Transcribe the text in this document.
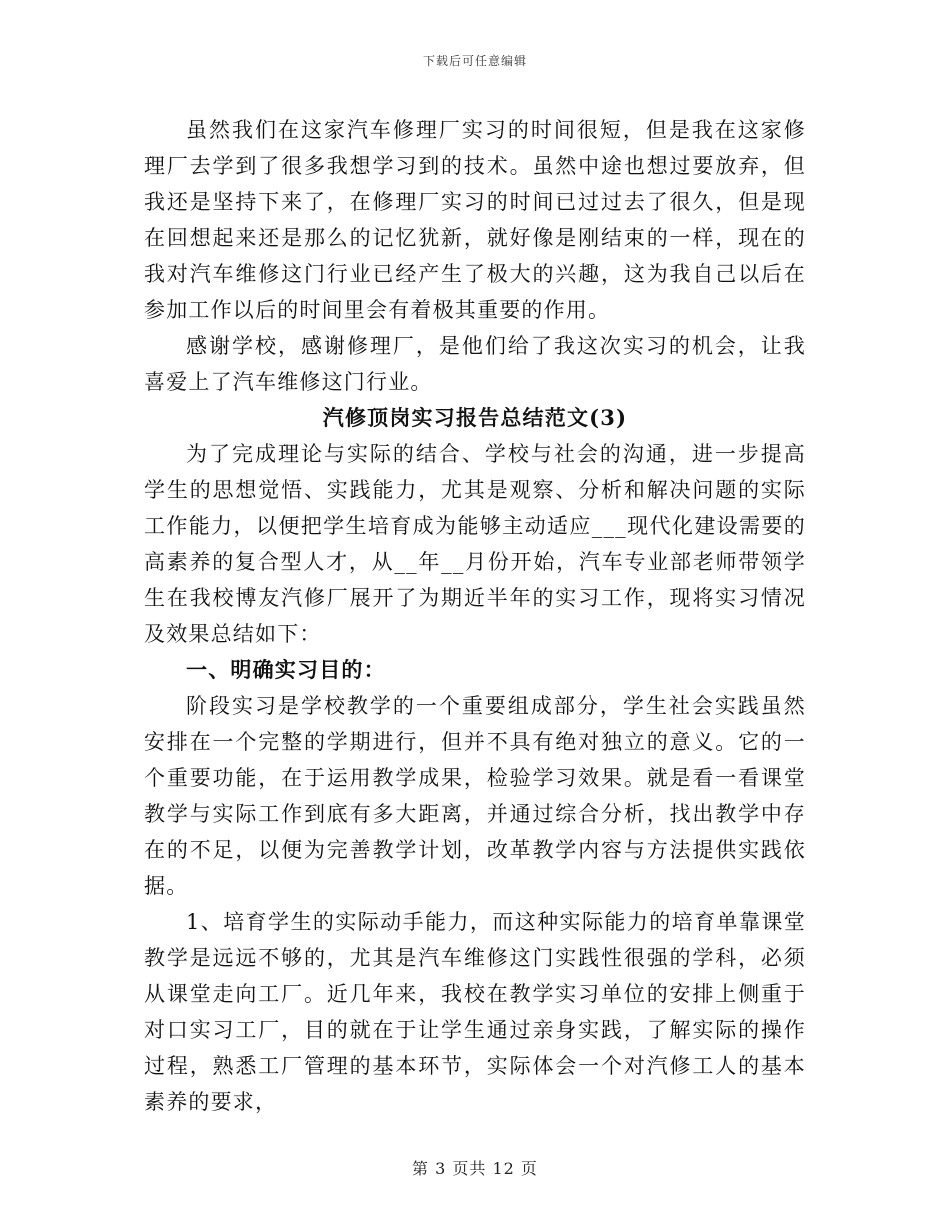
下载后可任意编辑

虽然我们在这家汽车修理厂实习的时间很短，但是我在这家修理厂去学到了很多我想学习到的技术。虽然中途也想过要放弃，但我还是坚持下来了，在修理厂实习的时间已过过去了很久，但是现在回想起来还是那么的记忆犹新，就好像是刚结束的一样，现在的我对汽车维修这门行业已经产生了极大的兴趣，这为我自己以后在参加工作以后的时间里会有着极其重要的作用。

感谢学校，感谢修理厂，是他们给了我这次实习的机会，让我喜爱上了汽车维修这门行业。

汽修顶岗实习报告总结范文(3)

为了完成理论与实际的结合、学校与社会的沟通，进一步提高学生的思想觉悟、实践能力，尤其是观察、分析和解决问题的实际工作能力，以便把学生培育成为能够主动适应___现代化建设需要的高素养的复合型人才，从__年__月份开始，汽车专业部老师带领学生在我校博友汽修厂展开了为期近半年的实习工作，现将实习情况及效果总结如下：

一、明确实习目的：

阶段实习是学校教学的一个重要组成部分，学生社会实践虽然安排在一个完整的学期进行，但并不具有绝对独立的意义。它的一个重要功能，在于运用教学成果，检验学习效果。就是看一看课堂教学与实际工作到底有多大距离，并通过综合分析，找出教学中存在的不足，以便为完善教学计划，改革教学内容与方法提供实践依据。

1、培育学生的实际动手能力，而这种实际能力的培育单靠课堂教学是远远不够的，尤其是汽车维修这门实践性很强的学科，必须从课堂走向工厂。近几年来，我校在教学实习单位的安排上侧重于对口实习工厂，目的就在于让学生通过亲身实践，了解实际的操作过程，熟悉工厂管理的基本环节，实际体会一个对汽修工人的基本素养的要求，

第 3 页共 12 页
